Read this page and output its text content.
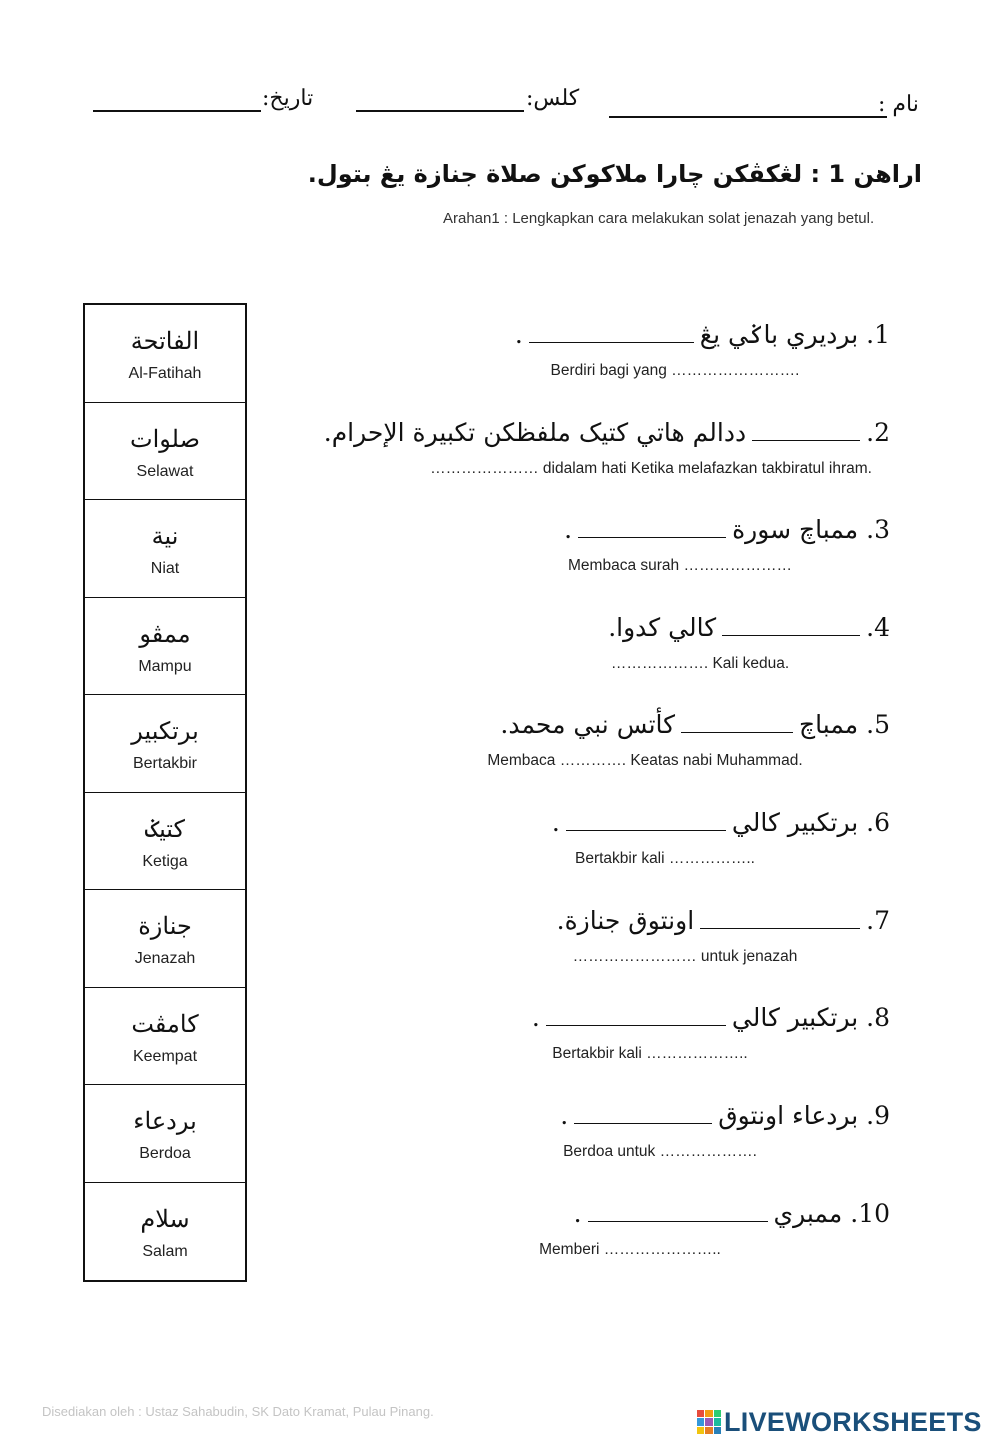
نام :
كلس:
تاريخ:
اراهن 1 : لڠكڤكن چارا ملاكوكن صلاة جنازة يڠ بتول.
Arahan1 : Lengkapkan cara melakukan solat jenazah yang betul.
الفاتحة
Al-Fatihah
صلوات
Selawat
نية
Niat
ممڤو
Mampu
برتكبير
Bertakbir
كتيݢ
Ketiga
جنازة
Jenazah
كامڤت
Keempat
بردعاء
Berdoa
سلام
Salam
1. برديري باݢي يڠ.
Berdiri bagi yang …………………….
2.ددالم هاتي كتيک ملفظكن تكبيرة الإحرام.
………………… didalam hati Ketika melafazkan takbiratul ihram.
3. ممباچ سورة.
Membaca surah …………………
4.كالي كدوا.
………………. Kali kedua.
5. ممباچكأتس نبي محمد.
Membaca …………. Keatas nabi Muhammad.
6. برتكبير كالي.
Bertakbir kali ……………..
7.اونتوق جنازة.
…………………… untuk jenazah
8. برتكبير كالي.
Bertakbir kali ………………..
9. بردعاء اونتوق.
Berdoa untuk ……………….
10. ممبري.
Memberi …………………..
Disediakan oleh : Ustaz Sahabudin, SK Dato Kramat, Pulau Pinang.	LIVEWORKSHEETS
